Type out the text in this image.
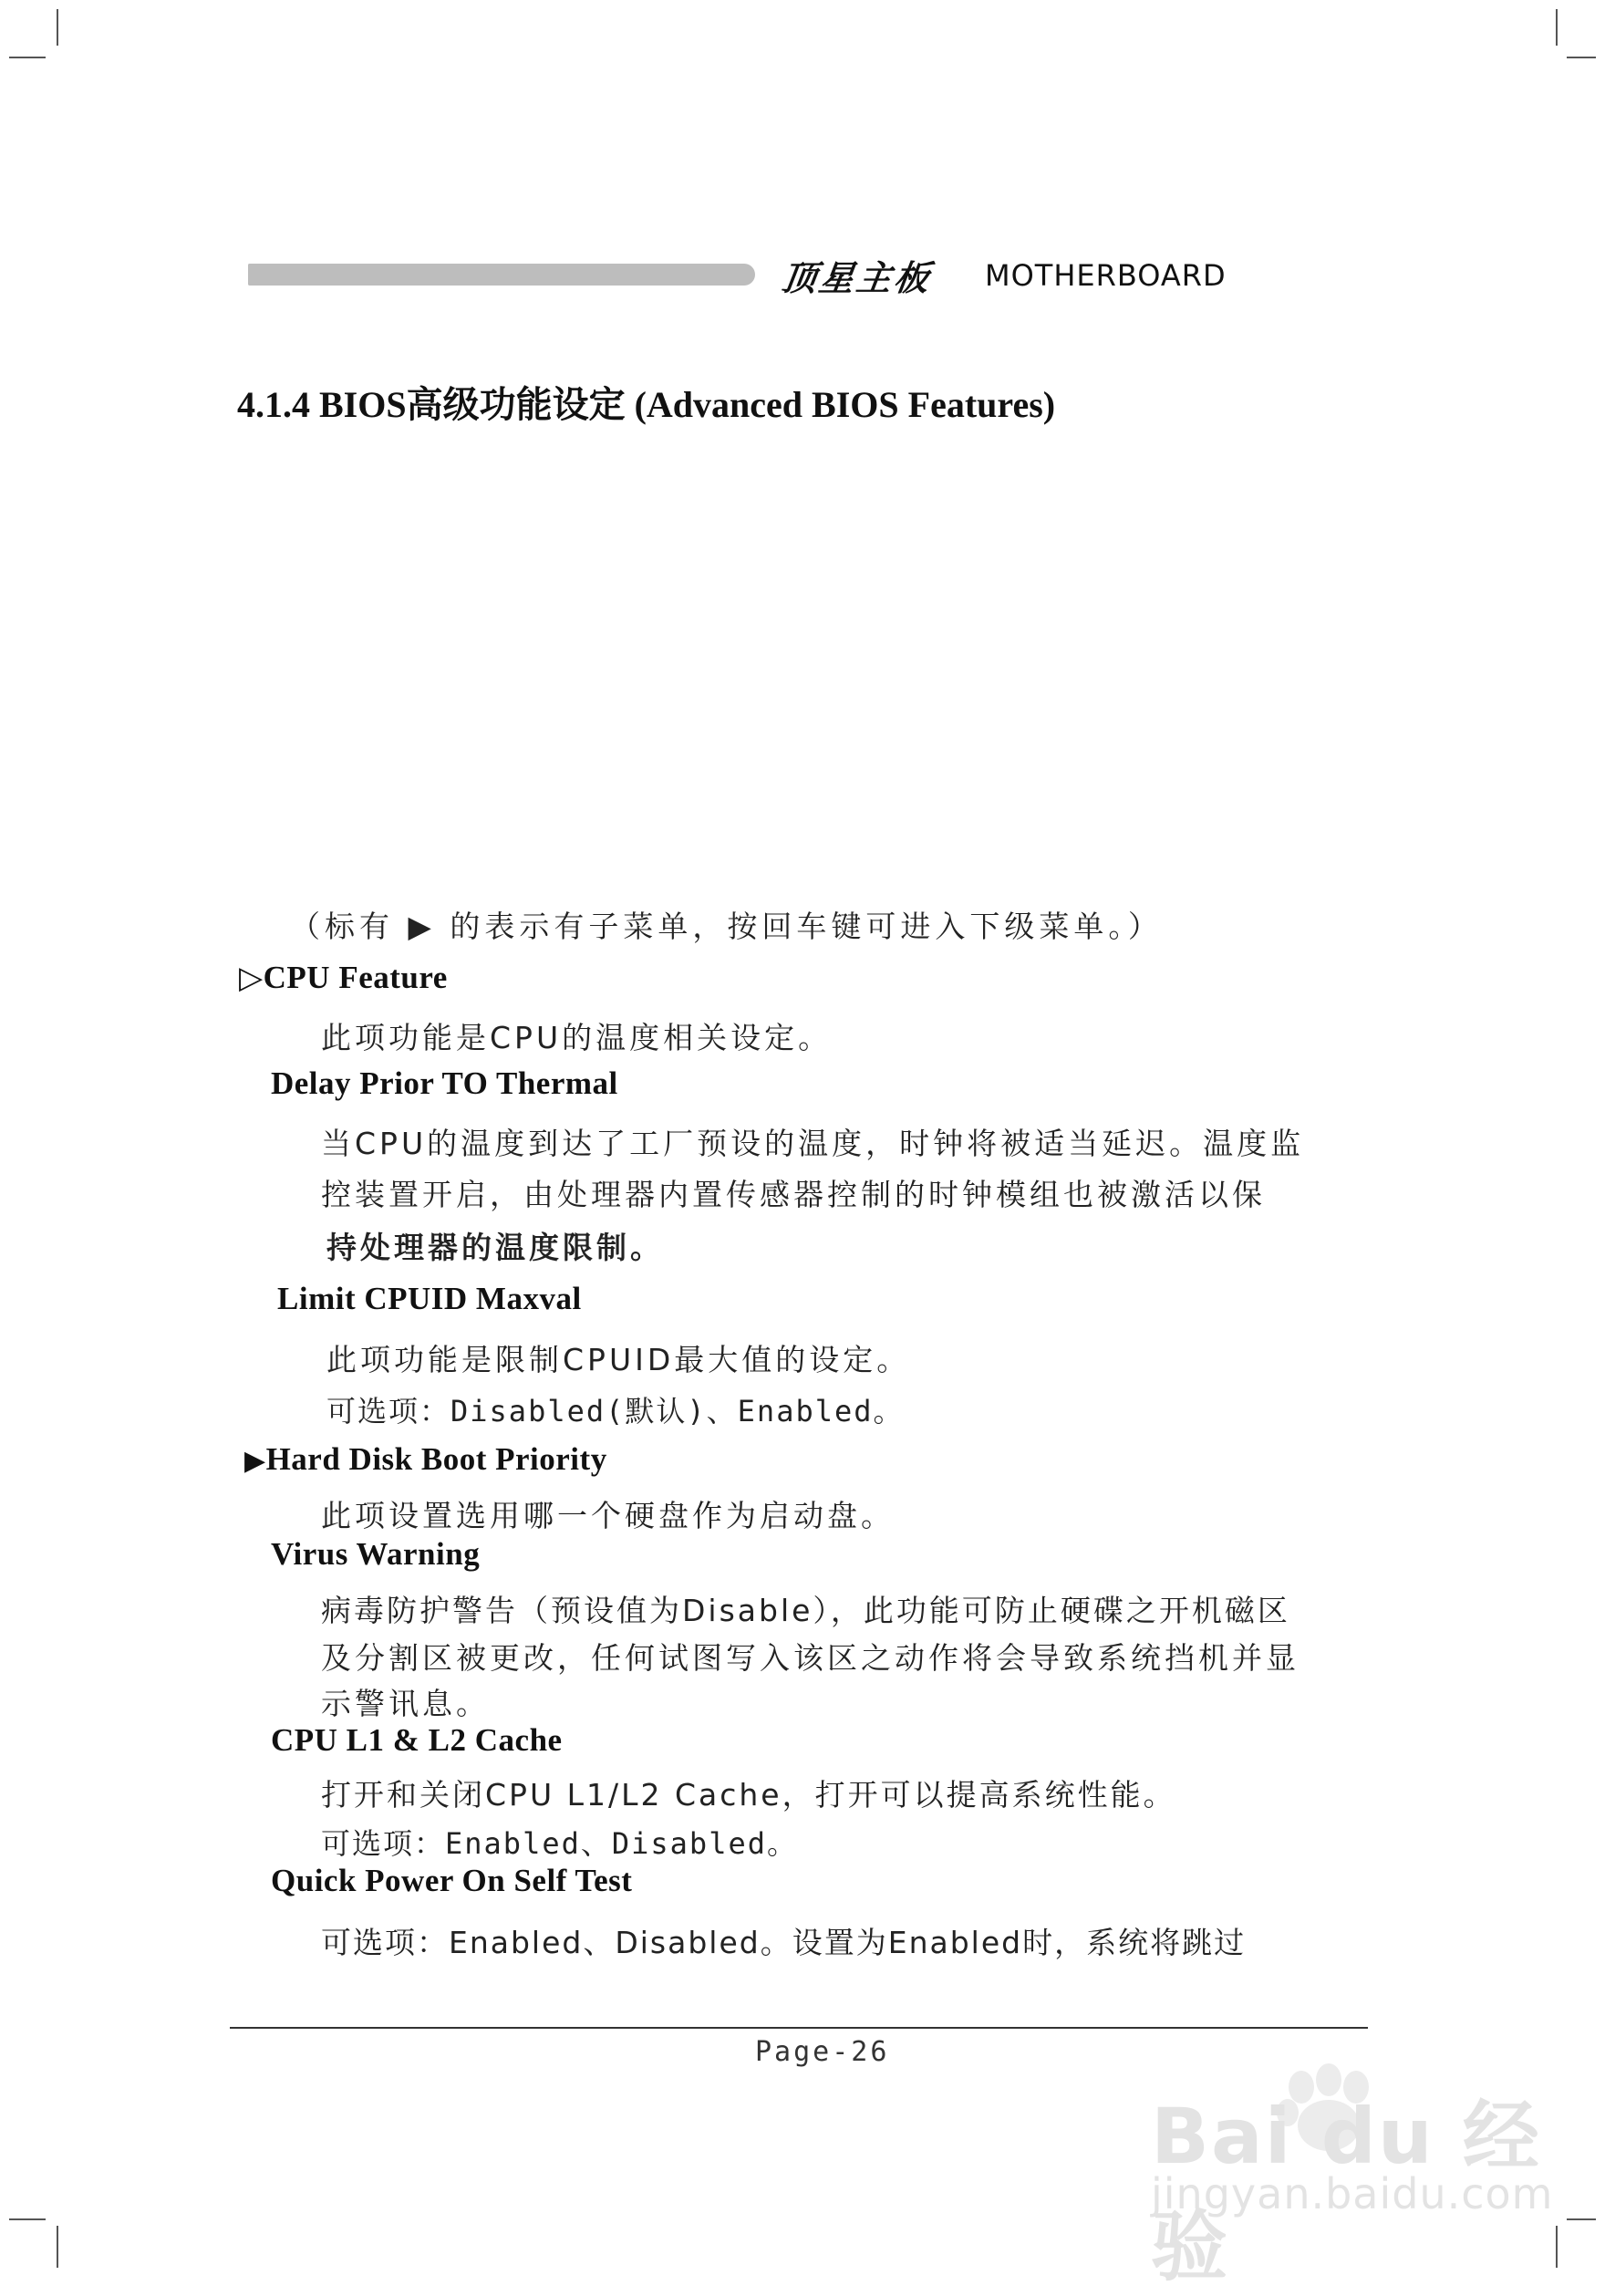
顶星主板 MOTHERBOARD
4.1.4 BIOS高级功能设定 (Advanced BIOS Features)
（标有 ▶ 的表示有子菜单，按回车键可进入下级菜单。）
▷CPU Feature
此项功能是CPU的温度相关设定。
Delay Prior TO Thermal
当CPU的温度到达了工厂预设的温度，时钟将被适当延迟。温度监
控装置开启，由处理器内置传感器控制的时钟模组也被激活以保
持处理器的温度限制。
Limit CPUID Maxval
此项功能是限制CPUID最大值的设定。
可选项：Disabled(默认)、Enabled。
▶Hard Disk Boot Priority
此项设置选用哪一个硬盘作为启动盘。
Virus Warning
病毒防护警告（预设值为Disable），此功能可防止硬碟之开机磁区
及分割区被更改，任何试图写入该区之动作将会导致系统挡机并显
示警讯息。
CPU L1 & L2 Cache
打开和关闭CPU L1/L2 Cache，打开可以提高系统性能。
可选项：Enabled、Disabled。
Quick Power On Self Test
可选项：Enabled、Disabled。设置为Enabled时，系统将跳过
Page-26
Bai du 经验
jingyan.baidu.com
